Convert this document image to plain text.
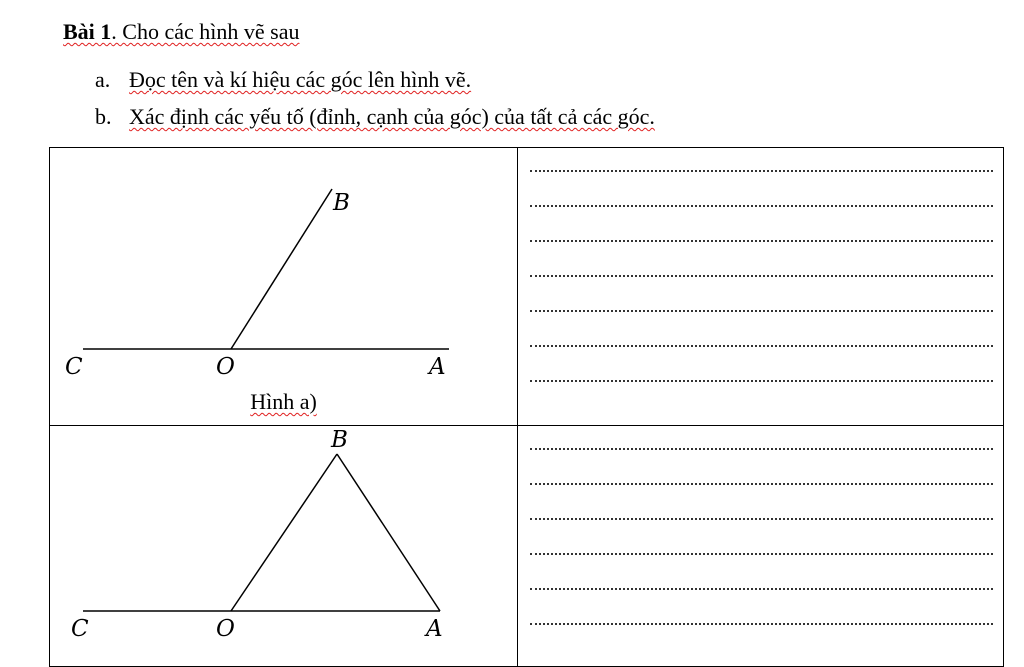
Bài 1. Cho các hình vẽ sau
a. Đọc tên và kí hiệu các góc lên hình vẽ.
b. Xác định các yếu tố (đỉnh, cạnh của góc) của tất cả các góc.
B
C O A
Hình a)	

B
C O A	
